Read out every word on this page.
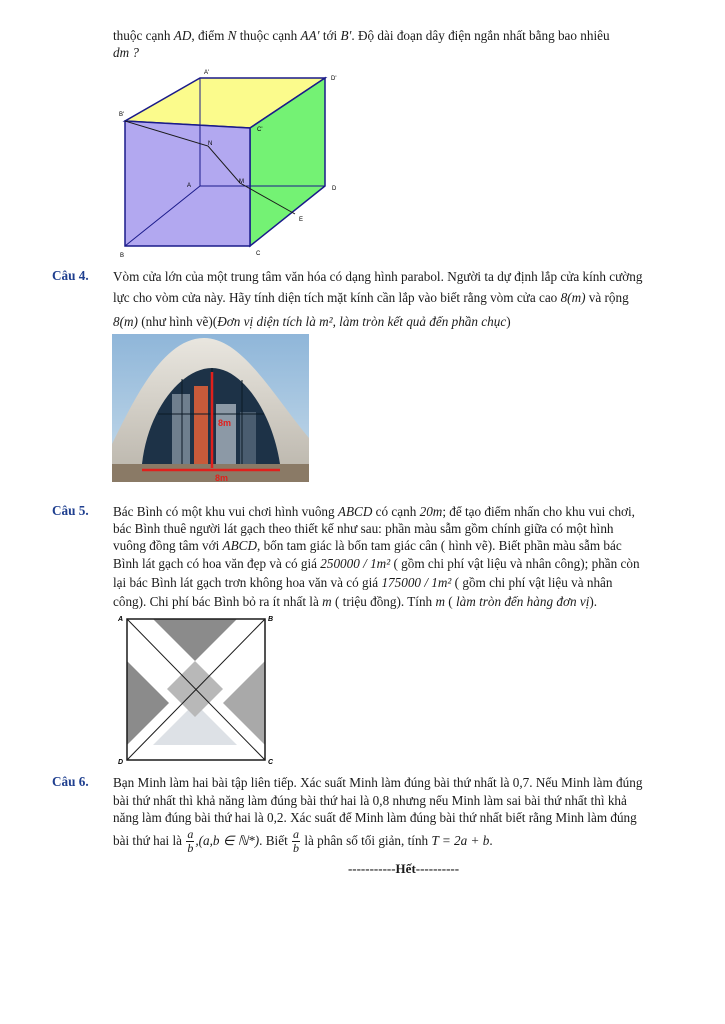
thuộc cạnh AD, điểm N thuộc cạnh AA′ tới B′. Độ dài đoạn dây điện ngắn nhất bằng bao nhiêu
dm ?
A'
D'
B'
C'
N
A
M
D
E
B	C
Câu 4. Vòm cửa lớn của một trung tâm văn hóa có dạng hình parabol. Người ta dự định lắp cửa kính cường
lực cho vòm cửa này. Hãy tính diện tích mặt kính cần lắp vào biết rằng vòm cửa cao 8(m) và rộng
8(m) (như hình vẽ)(Đơn vị diện tích là m², làm tròn kết quả đến phần chục)
8m
8m
Câu 5. Bác Bình có một khu vui chơi hình vuông ABCD có cạnh 20m; để tạo điểm nhấn cho khu vui chơi,
bác Bình thuê người lát gạch theo thiết kế như sau: phần màu sẫm gồm chính giữa có một hình
vuông đồng tâm với ABCD, bốn tam giác là bốn tam giác cân ( hình vẽ). Biết phần màu sẫm bác
Bình lát gạch có hoa văn đẹp và có giá 250000 / 1m² ( gồm chi phí vật liệu và nhân công); phần còn
lại bác Bình lát gạch trơn không hoa văn và có giá 175000 / 1m² ( gồm chi phí vật liệu và nhân
công). Chi phí bác Bình bỏ ra ít nhất là m ( triệu đồng). Tính m ( làm tròn đến hàng đơn vị).
A	B
D	C
Câu 6. Bạn Minh làm hai bài tập liên tiếp. Xác suất Minh làm đúng bài thứ nhất là 0,7. Nếu Minh làm đúng
bài thứ nhất thì khả năng làm đúng bài thứ hai là 0,8 nhưng nếu Minh làm sai bài thứ nhất thì khả
năng làm đúng bài thứ hai là 0,2. Xác suất để Minh làm đúng bài thứ nhất biết rằng Minh làm đúng
bài thứ hai là $\frac{a}{b} ,(a,b$ ∈ ℕ*). Biết $\frac{a}{b}$ là phân số tối giản, tính T = 2a + b.
-----------Hết----------
